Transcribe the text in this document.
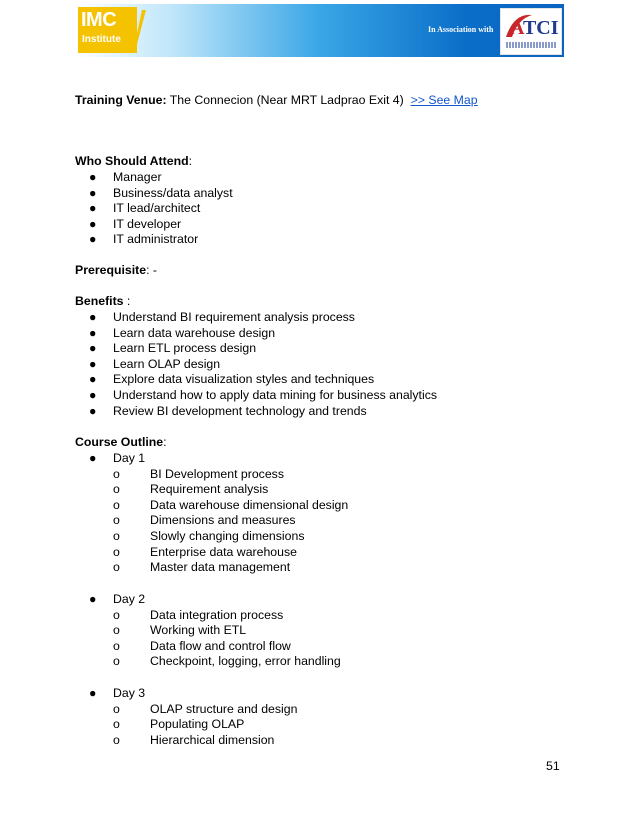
IMC
Institute
In Association with ATCI
Training Venue: The Connecion (Near MRT Ladprao Exit 4) >> See Map
Who Should Attend:
● Manager
● Business/data analyst
● IT lead/architect
● IT developer
● IT administrator
Prerequisite: -
Benefits :
● Understand BI requirement analysis process
● Learn data warehouse design
● Learn ETL process design
● Learn OLAP design
● Explore data visualization styles and techniques
● Understand how to apply data mining for business analytics
● Review BI development technology and trends
Course Outline:
● Day 1
o BI Development process
o Requirement analysis
o Data warehouse dimensional design
o Dimensions and measures
o Slowly changing dimensions
o Enterprise data warehouse
o Master data management
● Day 2
o Data integration process
o Working with ETL
o Data flow and control flow
o Checkpoint, logging, error handling
● Day 3
o OLAP structure and design
o Populating OLAP
o Hierarchical dimension
51
